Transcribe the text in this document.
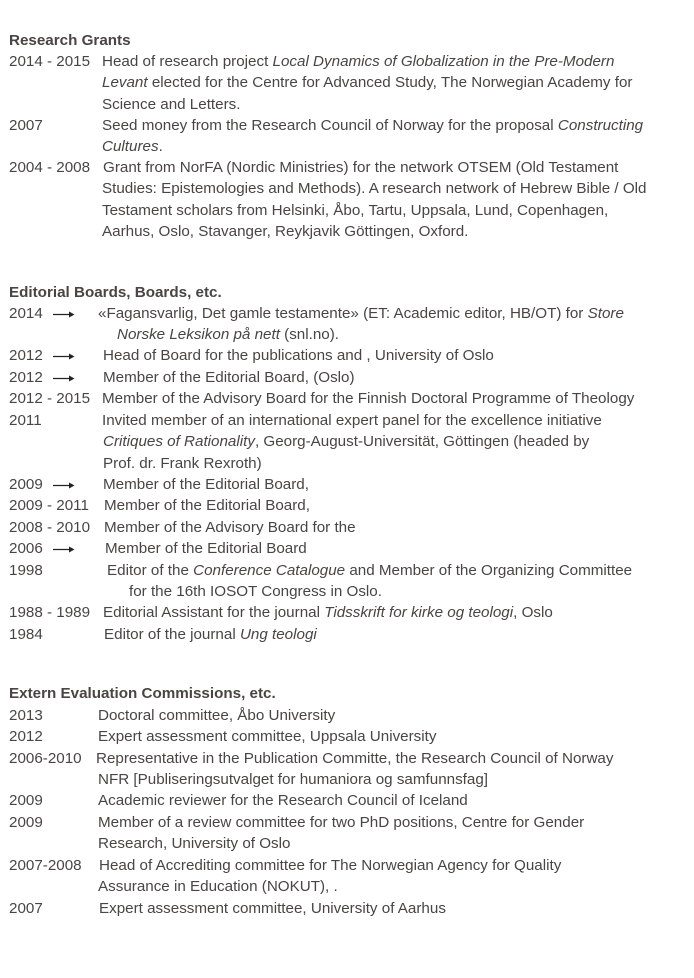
Research Grants
2014 - 2015 Head of research project Local Dynamics of Globalization in the Pre-Modern
Levant elected for the Centre for Advanced Study, The Norwegian Academy for
Science and Letters.
2007	Seed money from the Research Council of Norway for the proposal Constructing
Cultures.
2004 - 2008 Grant from NorFA (Nordic Ministries) for the network OTSEM (Old Testament
Studies: Epistemologies and Methods). A research network of Hebrew Bible / Old
Testament scholars from Helsinki, Åbo, Tartu, Uppsala, Lund, Copenhagen,
Aarhus, Oslo, Stavanger, Reykjavik Göttingen, Oxford.
Editorial Boards, Boards, etc.
2014	«Fagansvarlig, Det gamle testamente» (ET: Academic editor, HB/OT) for Store
Norske Leksikon på nett (snl.no).
2012	Head of Board for the publications and , University of Oslo
2012	Member of the Editorial Board, (Oslo)
2012 - 2015 Member of the Advisory Board for the Finnish Doctoral Programme of Theology
2011	Invited member of an international expert panel for the excellence initiative
Critiques of Rationality, Georg-August-Universität, Göttingen (headed by
Prof. dr. Frank Rexroth)
2009	Member of the Editorial Board,
2009 - 2011 Member of the Editorial Board,
2008 - 2010 Member of the Advisory Board for the
2006	Member of the Editorial Board
1998	Editor of the Conference Catalogue and Member of the Organizing Committee
for the 16th IOSOT Congress in Oslo.
1988 - 1989 Editorial Assistant for the journal Tidsskrift for kirke og teologi, Oslo
1984	Editor of the journal Ung teologi
Extern Evaluation Commissions, etc.
2013	Doctoral committee, Åbo University
2012	Expert assessment committee, Uppsala University
2006-2010 Representative in the Publication Committe, the Research Council of Norway
NFR [Publiseringsutvalget for humaniora og samfunnsfag]
2009	Academic reviewer for the Research Council of Iceland
2009	Member of a review committee for two PhD positions, Centre for Gender
Research, University of Oslo
2007-2008 Head of Accrediting committee for The Norwegian Agency for Quality
Assurance in Education (NOKUT), .
2007	Expert assessment committee, University of Aarhus
